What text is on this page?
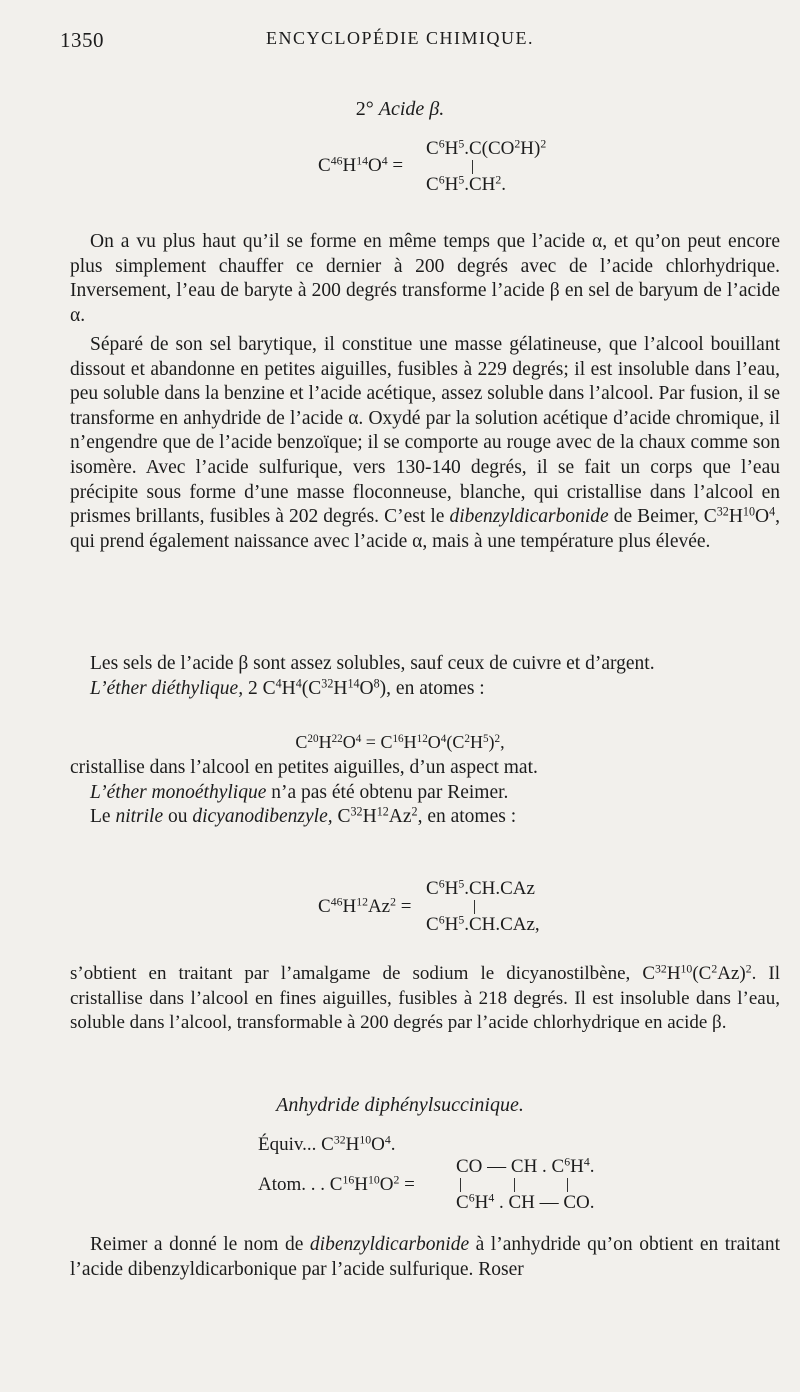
1350	ENCYCLOPÉDIE CHIMIQUE.
2° Acide β.
$C^{46}H^{14}O^4$ =
$C^6H^5.C(CO^2H)^2$
$C^6H^5.CH^2$.

On a vu plus haut qu’il se forme en même temps que l’acide α, et qu’on peut encore plus simplement chauffer ce dernier à 200 degrés avec de l’acide chlorhydrique. Inversement, l’eau de baryte à 200 degrés transforme l’acide β en sel de baryum de l’acide α.

Séparé de son sel barytique, il constitue une masse gélatineuse, que l’alcool bouillant dissout et abandonne en petites aiguilles, fusibles à 229 degrés; il est insoluble dans l’eau, peu soluble dans la benzine et l’acide acétique, assez soluble dans l’alcool. Par fusion, il se transforme en anhydride de l’acide α. Oxydé par la solution acétique d’acide chromique, il n’engendre que de l’acide benzoïque; il se comporte au rouge avec de la chaux comme son isomère. Avec l’acide sulfurique, vers 130-140 degrés, il se fait un corps que l’eau précipite sous forme d’une masse floconneuse, blanche, qui cristallise dans l’alcool en prismes brillants, fusibles à 202 degrés. C’est le dibenzyldicarbonide de Beimer, $C^{32}H^{10}O^4$, qui prend également naissance avec l’acide α, mais à une température plus élevée.

Les sels de l’acide β sont assez solubles, sauf ceux de cuivre et d’argent.

L’éther diéthylique, 2 $C^4H^4(C^{32}H^{14}O^8)$, en atomes :

$C^{20}H^{22}O^4 = C^{16}H^{12}O^4(C^2H^5)^2$,

cristallise dans l’alcool en petites aiguilles, d’un aspect mat.

L’éther monoéthylique n’a pas été obtenu par Reimer.

Le nitrile ou dicyanodibenzyle, $C^{32}H^{12}Az^2$, en atomes :

$C^{46}H^{12}Az^2$ =
$C^6H^5.CH.CAz$
$C^6H^5.CH.CAz$,

s’obtient en traitant par l’amalgame de sodium le dicyanostilbène, $C^{32}H^{10}(C^2Az)^2$. Il cristallise dans l’alcool en fines aiguilles, fusibles à 218 degrés. Il est insoluble dans l’eau, soluble dans l’alcool, transformable à 200 degrés par l’acide chlorhydrique en acide β.

Anhydride diphénylsuccinique.
Équiv... $C^{32}H^{10}O^4$.
CO — CH . $C^6H^4$.
Atom. . . $C^{16}H^{10}O^2$ =
$C^6H^4$ . CH — CO.

Reimer a donné le nom de dibenzyldicarbonide à l’anhydride qu’on obtient en traitant l’acide dibenzyldicarbonique par l’acide sulfurique. Roser
